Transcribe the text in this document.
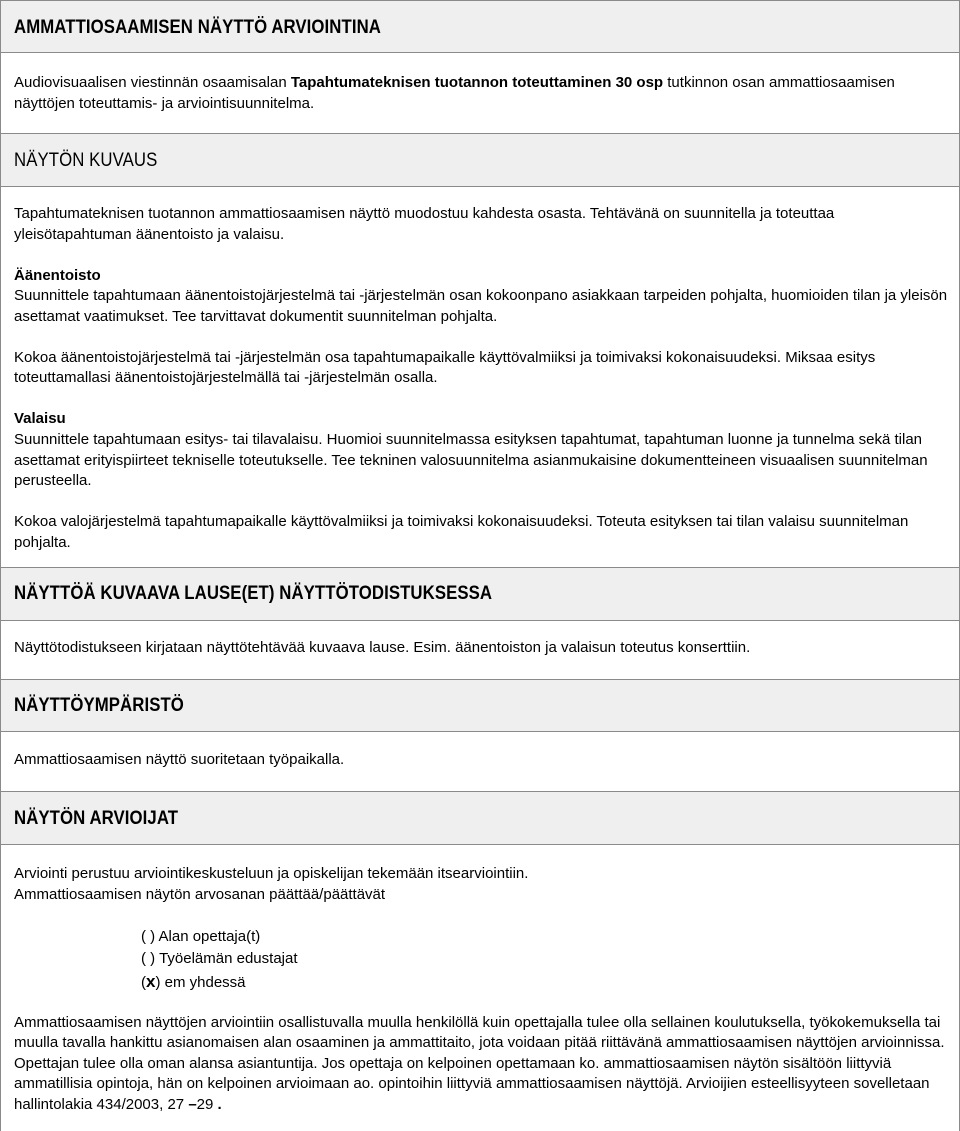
AMMATTIOSAAMISEN NÄYTTÖ ARVIOINTINA
Audiovisuaalisen viestinnän osaamisalan Tapahtumateknisen tuotannon toteuttaminen 30 osp tutkinnon osan ammattiosaamisen näyttöjen toteuttamis- ja arviointisuunnitelma.
NÄYTÖN KUVAUS
Tapahtumateknisen tuotannon ammattiosaamisen näyttö muodostuu kahdesta osasta. Tehtävänä on suunnitella ja toteuttaa yleisötapahtuman äänentoisto ja valaisu.
Äänentoisto
Suunnittele tapahtumaan äänentoistojärjestelmä tai -järjestelmän osan kokoonpano asiakkaan tarpeiden pohjalta, huomioiden tilan ja yleisön asettamat vaatimukset. Tee tarvittavat dokumentit suunnitelman pohjalta.
Kokoa äänentoistojärjestelmä tai -järjestelmän osa tapahtumapaikalle käyttövalmiiksi ja toimivaksi kokonaisuudeksi. Miksaa esitys toteuttamallasi äänentoistojärjestelmällä tai -järjestelmän osalla.
Valaisu
Suunnittele tapahtumaan esitys- tai tilavalaisu. Huomioi suunnitelmassa esityksen tapahtumat, tapahtuman luonne ja tunnelma sekä tilan asettamat erityispiirteet tekniselle toteutukselle. Tee tekninen valosuunnitelma asianmukaisine dokumentteineen visuaalisen suunnitelman perusteella.
Kokoa valojärjestelmä tapahtumapaikalle käyttövalmiiksi ja toimivaksi kokonaisuudeksi. Toteuta esityksen tai tilan valaisu suunnitelman pohjalta.
NÄYTTÖÄ KUVAAVA LAUSE(ET) NÄYTTÖTODISTUKSESSA
Näyttötodistukseen kirjataan näyttötehtävää kuvaava lause. Esim. äänentoiston ja valaisun toteutus konserttiin.
NÄYTTÖYMPÄRISTÖ
Ammattiosaamisen näyttö suoritetaan työpaikalla.
NÄYTÖN ARVIOIJAT
Arviointi perustuu arviointikeskusteluun ja opiskelijan tekemään itsearviointiin.
Ammattiosaamisen näytön arvosanan päättää/päättävät
( ) Alan opettaja(t)
( ) Työelämän edustajat
(x) em yhdessä
Ammattiosaamisen näyttöjen arviointiin osallistuvalla muulla henkilöllä kuin opettajalla tulee olla sellainen koulutuksella, työkokemuksella tai muulla tavalla hankittu asianomaisen alan osaaminen ja ammattitaito, jota voidaan pitää riittävänä ammattiosaamisen näyttöjen arvioinnissa. Opettajan tulee olla oman alansa asiantuntija. Jos opettaja on kelpoinen opettamaan ko. ammattiosaamisen näytön sisältöön liittyviä ammatillisia opintoja, hän on kelpoinen arvioimaan ao. opintoihin liittyviä ammattiosaamisen näyttöjä. Arvioijien esteellisyyteen sovelletaan hallintolakia 434/2003, 27 –29 .
